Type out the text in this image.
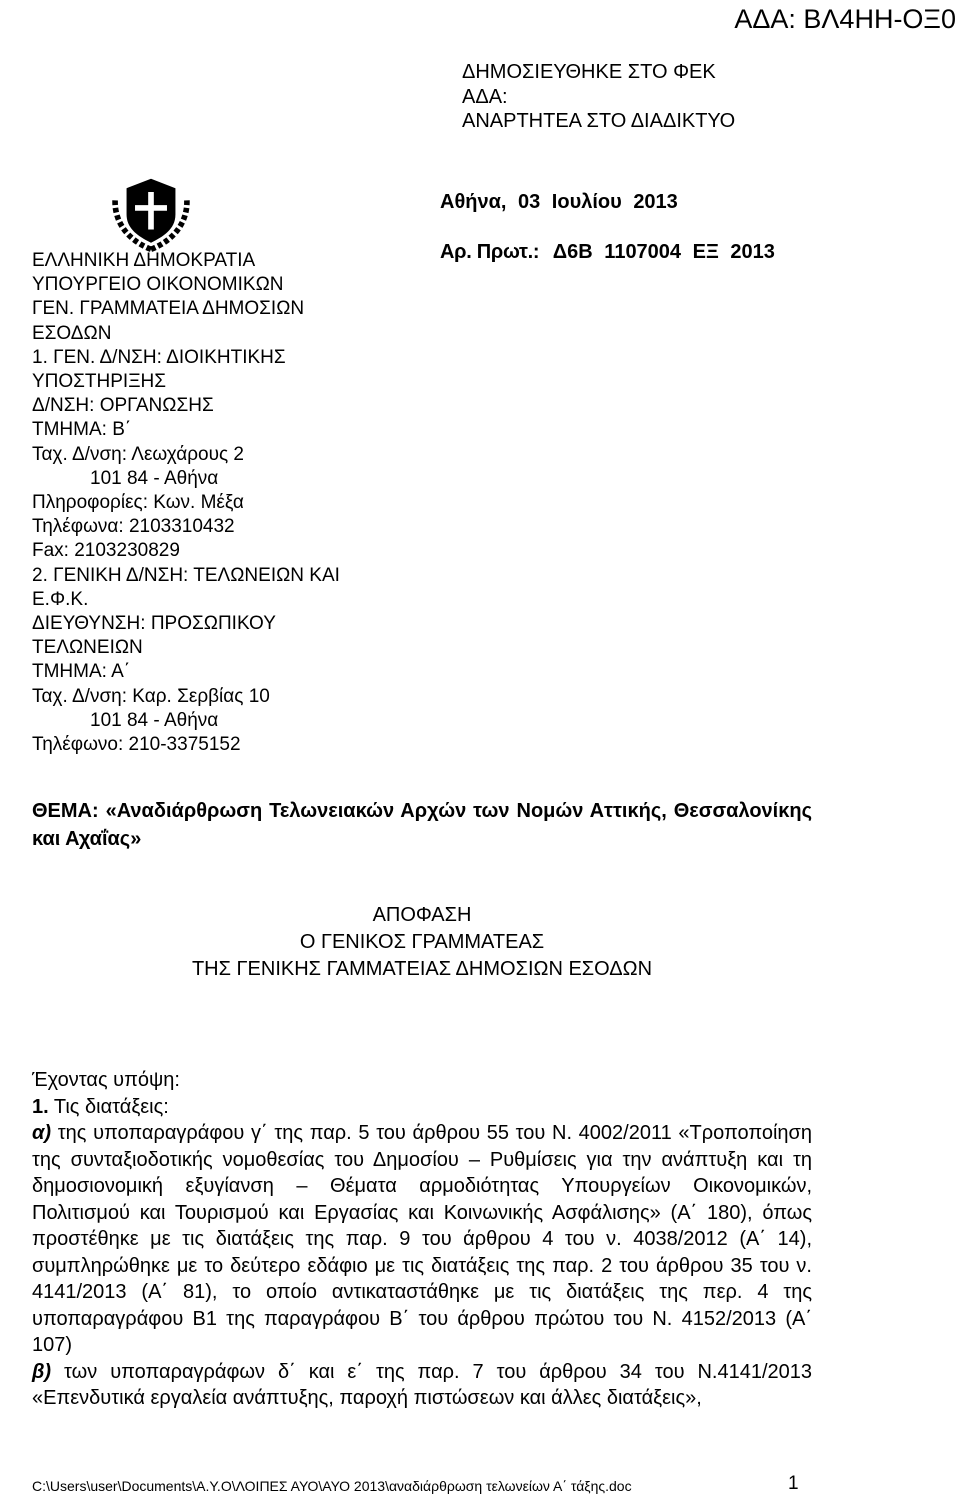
ΑΔΑ: ΒΛ4ΗΗ-ΟΞ0
ΔΗΜΟΣΙΕΥΘΗΚΕ ΣΤΟ ΦΕΚ
ΑΔΑ:
ΑΝΑΡΤΗΤΕΑ ΣΤΟ ΔΙΑΔΙΚΤΥΟ
ΕΛΛΗΝΙΚΗ ΔΗΜΟΚΡΑΤΙΑ
ΥΠΟΥΡΓΕΙΟ ΟΙΚΟΝΟΜΙΚΩΝ
ΓΕΝ. ΓΡΑΜΜΑΤΕΙΑ ΔΗΜΟΣΙΩΝ
ΕΣΟΔΩΝ
1. ΓΕΝ. Δ/ΝΣΗ: ΔΙΟΙΚΗΤΙΚΗΣ
ΥΠΟΣΤΗΡΙΞΗΣ
Δ/ΝΣΗ: ΟΡΓΑΝΩΣΗΣ
ΤΜΗΜΑ: Β΄
Ταχ. Δ/νση: Λεωχάρους 2
101 84 - Αθήνα
Πληροφορίες: Κων. Μέξα
Τηλέφωνα: 2103310432
Fax: 2103230829
2. ΓΕΝΙΚΗ Δ/ΝΣΗ: ΤΕΛΩΝΕΙΩΝ ΚΑΙ
Ε.Φ.Κ.
ΔΙΕΥΘΥΝΣΗ: ΠΡΟΣΩΠΙΚΟΥ
ΤΕΛΩΝΕΙΩΝ
ΤΜΗΜΑ: Α΄
Ταχ. Δ/νση: Καρ. Σερβίας 10
101 84 - Αθήνα
Τηλέφωνο: 210-3375152
Αθήνα, 03 Ιουλίου 2013
Αρ. Πρωτ.: Δ6Β 1107004 ΕΞ 2013
ΘΕΜΑ: «Αναδιάρθρωση Τελωνειακών Αρχών των Νομών Αττικής, Θεσσαλονίκης και Αχαΐας»
ΑΠΟΦΑΣΗ
Ο ΓΕΝΙΚΟΣ ΓΡΑΜΜΑΤΕΑΣ
ΤΗΣ ΓΕΝΙΚΗΣ ΓΑΜΜΑΤΕΙΑΣ ΔΗΜΟΣΙΩΝ ΕΣΟΔΩΝ
Έχοντας υπόψη:
1. Τις διατάξεις:
α) της υποπαραγράφου γ΄ της παρ. 5 του άρθρου 55 του Ν. 4002/2011 «Τροποποίηση της συνταξιοδοτικής νομοθεσίας του Δημοσίου – Ρυθμίσεις για την ανάπτυξη και τη δημοσιονομική εξυγίανση – Θέματα αρμοδιότητας Υπουργείων Οικονομικών, Πολιτισμού και Τουρισμού και Εργασίας και Κοινωνικής Ασφάλισης» (Α΄ 180), όπως προστέθηκε με τις διατάξεις της παρ. 9 του άρθρου 4 του ν. 4038/2012 (Α΄ 14), συμπληρώθηκε με το δεύτερο εδάφιο με τις διατάξεις της παρ. 2 του άρθρου 35 του ν. 4141/2013 (Α΄ 81), το οποίο αντικαταστάθηκε με τις διατάξεις της περ. 4 της υποπαραγράφου Β1 της παραγράφου Β΄ του άρθρου πρώτου του Ν. 4152/2013 (Α΄ 107)
β) των υποπαραγράφων δ΄ και ε΄ της παρ. 7 του άρθρου 34 του Ν.4141/2013 «Επενδυτικά εργαλεία ανάπτυξης, παροχή πιστώσεων και άλλες διατάξεις»,
C:\Users\user\Documents\Α.Υ.Ο\ΛΟΙΠΕΣ ΑΥΟ\ΑΥΟ 2013\αναδιάρθρωση τελωνείων Α΄ τάξης.doc	1
